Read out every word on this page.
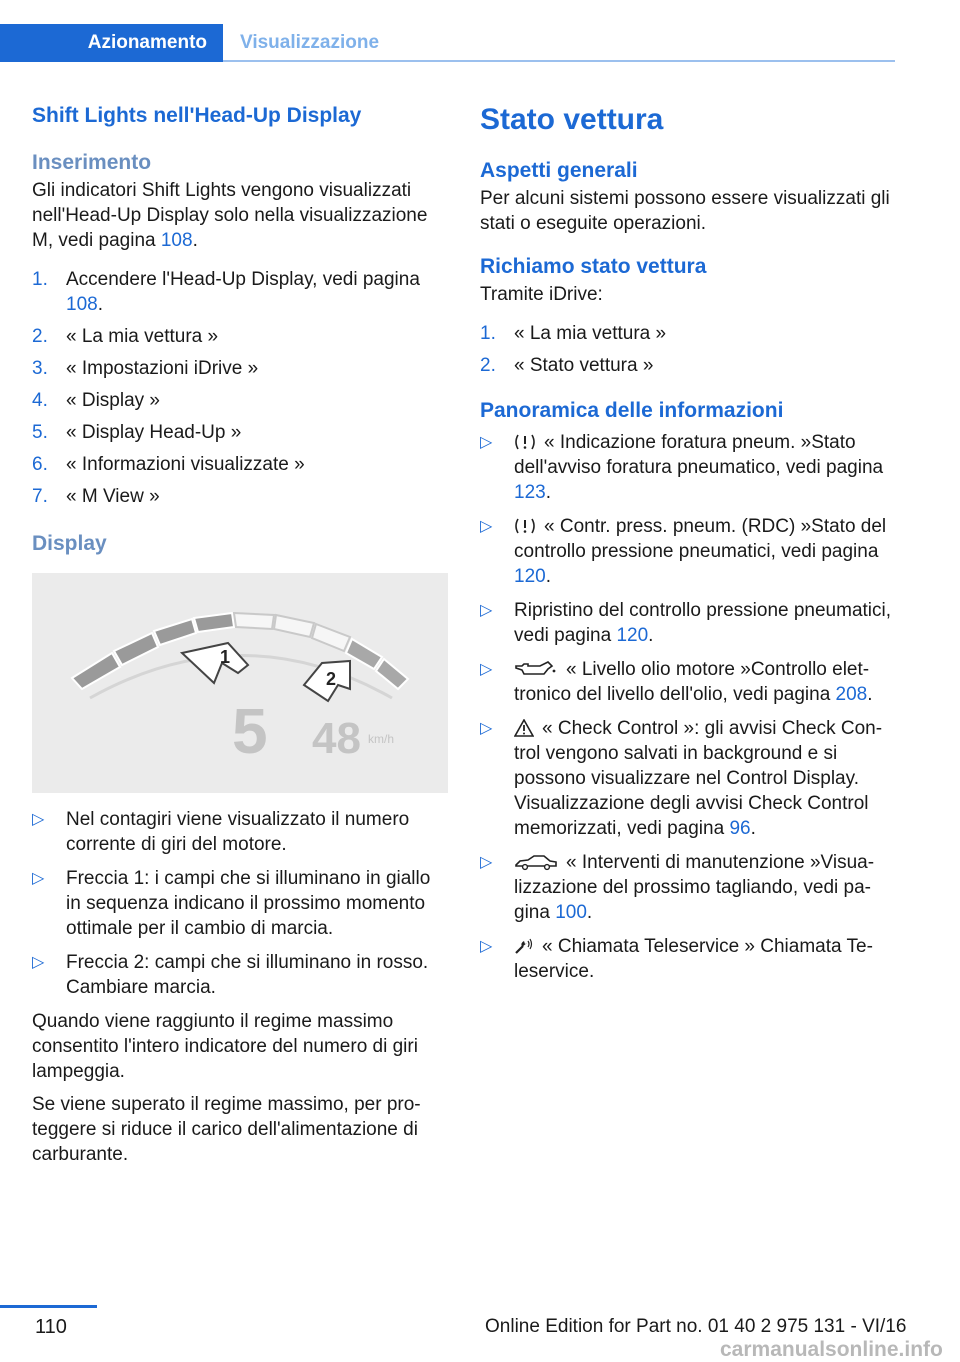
Azionamento	Visualizzazione
Shift Lights nell'Head-Up Display
Inserimento

Gli indicatori Shift Lights vengono visualizzati nell'Head-Up Display solo nella visualizzazione M, vedi pagina 108.

1. Accendere l'Head-Up Display, vedi pagina 108.
2. « La mia vettura »
3. « Impostazioni iDrive »
4. « Display »
5. « Display Head-Up »
6. « Informazioni visualizzate »
7. « M View »
Display
5 48 km/h
1
2
▷ Nel contagiri viene visualizzato il numero corrente di giri del motore.
▷ Freccia 1: i campi che si illuminano in giallo in sequenza indicano il prossimo momento ottimale per il cambio di marcia.
▷ Freccia 2: campi che si illuminano in rosso. Cambiare marcia.

Quando viene raggiunto il regime massimo consentito l'intero indicatore del numero di giri lampeggia.

Se viene superato il regime massimo, per proteggere si riduce il carico dell'alimentazione di carburante.

Stato vettura
Aspetti generali

Per alcuni sistemi possono essere visualizzati gli stati o eseguite operazioni.

Richiamo stato vettura

Tramite iDrive:

1. « La mia vettura »
2. « Stato vettura »
Panoramica delle informazioni
▷	« Indicazione foratura pneum. »Stato dell'avviso foratura pneumatico, vedi pagina 123.
▷	« Contr. press. pneum. (RDC) »Stato del controllo pressione pneumatici, vedi pagina 120.
▷ Ripristino del controllo pressione pneumatici, vedi pagina 120.
▷	« Livello olio motore »Controllo elettronico del livello dell'olio, vedi pagina 208.
▷	« Check Control »: gli avvisi Check Control vengono salvati in background e si possono visualizzare nel Control Display. Visualizzazione degli avvisi Check Control memorizzati, vedi pagina 96.
▷	« Interventi di manutenzione »Visualizzazione del prossimo tagliando, vedi pagina 100.
▷	« Chiamata Teleservice » Chiamata Teleservice.
110	Online Edition for Part no. 01 40 2 975 131 - VI/16
carmanualsonline.info
